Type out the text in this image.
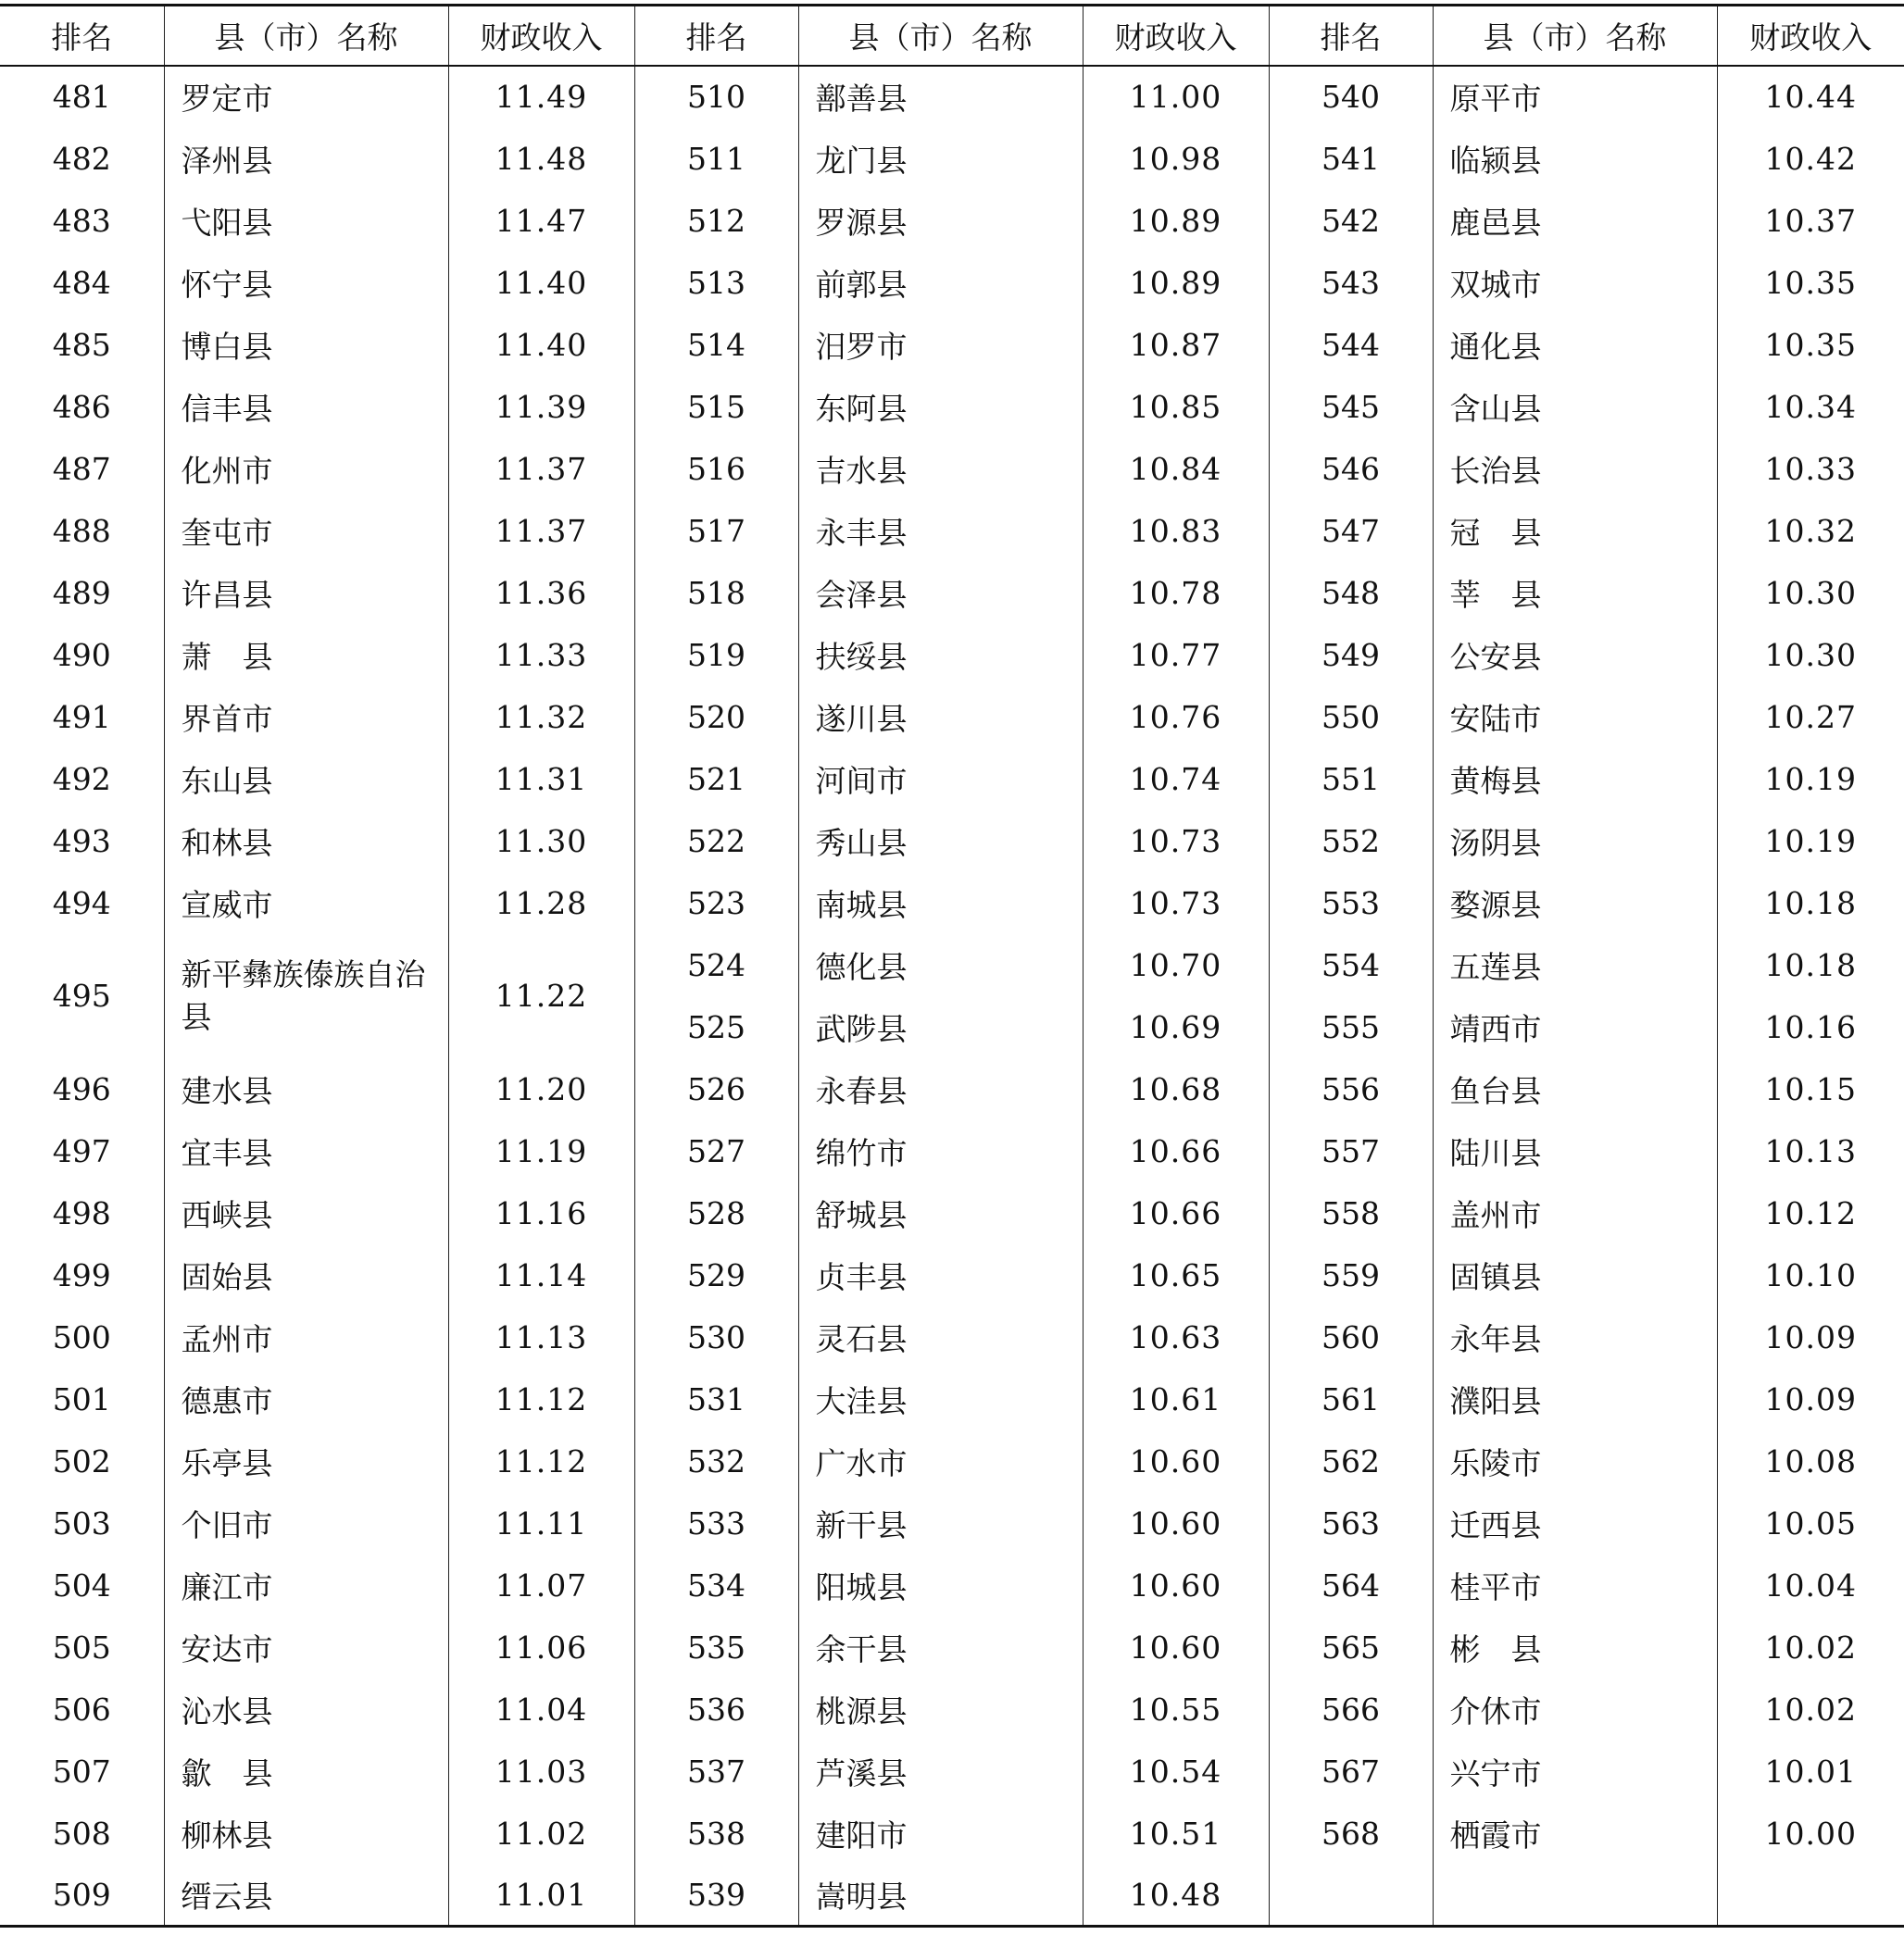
排名	县（市）名称	财政收入	排名	县（市）名称	财政收入	排名	县（市）名称	财政收入
481	罗定市	11.49	510	鄯善县	11.00	540	原平市	10.44
482	泽州县	11.48	511	龙门县	10.98	541	临颍县	10.42
483	弋阳县	11.47	512	罗源县	10.89	542	鹿邑县	10.37
484	怀宁县	11.40	513	前郭县	10.89	543	双城市	10.35
485	博白县	11.40	514	汨罗市	10.87	544	通化县	10.35
486	信丰县	11.39	515	东阿县	10.85	545	含山县	10.34
487	化州市	11.37	516	吉水县	10.84	546	长治县	10.33
488	奎屯市	11.37	517	永丰县	10.83	547	冠　县	10.32
489	许昌县	11.36	518	会泽县	10.78	548	莘　县	10.30
490	萧　县	11.33	519	扶绥县	10.77	549	公安县	10.30
491	界首市	11.32	520	遂川县	10.76	550	安陆市	10.27
492	东山县	11.31	521	河间市	10.74	551	黄梅县	10.19
493	和林县	11.30	522	秀山县	10.73	552	汤阴县	10.19
494	宣威市	11.28	523	南城县	10.73	553	婺源县	10.18
495	新平彝族傣族自治县	11.22	524	德化县	10.70	554	五莲县	10.18
			525	武陟县	10.69	555	靖西市	10.16
496	建水县	11.20	526	永春县	10.68	556	鱼台县	10.15
497	宜丰县	11.19	527	绵竹市	10.66	557	陆川县	10.13
498	西峡县	11.16	528	舒城县	10.66	558	盖州市	10.12
499	固始县	11.14	529	贞丰县	10.65	559	固镇县	10.10
500	孟州市	11.13	530	灵石县	10.63	560	永年县	10.09
501	德惠市	11.12	531	大洼县	10.61	561	濮阳县	10.09
502	乐亭县	11.12	532	广水市	10.60	562	乐陵市	10.08
503	个旧市	11.11	533	新干县	10.60	563	迁西县	10.05
504	廉江市	11.07	534	阳城县	10.60	564	桂平市	10.04
505	安达市	11.06	535	余干县	10.60	565	彬　县	10.02
506	沁水县	11.04	536	桃源县	10.55	566	介休市	10.02
507	歙　县	11.03	537	芦溪县	10.54	567	兴宁市	10.01
508	柳林县	11.02	538	建阳市	10.51	568	栖霞市	10.00
509	缙云县	11.01	539	嵩明县	10.48			
